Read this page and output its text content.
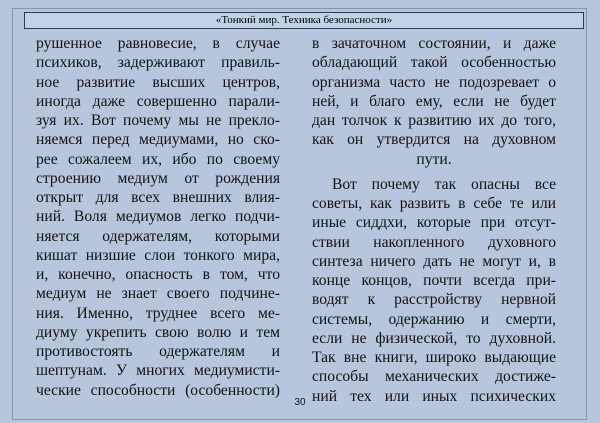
«Тонкий мир. Техника безопасности»

рушенное равновесие, в случае
психиков, задерживают правиль-
ное развитие высших центров,
иногда даже совершенно парали-
зуя их. Вот почему мы не прекло-
няемся перед медиумами, но ско-
рее сожалеем их, ибо по своему
строению медиум от рождения
открыт для всех внешних влия-
ний. Воля медиумов легко подчи-
няется одержателям, которыми
кишат низшие слои тонкого мира,
и, конечно, опасность в том, что
медиум не знает своего подчине-
ния. Именно, труднее всего ме-
диуму укрепить свою волю и тем
противостоять одержателям и
шептунам. У многих медиумисти-
ческие способности (особенности)

в зачаточном состоянии, и даже
обладающий такой особенностью
организма часто не подозревает о
ней, и благо ему, если не будет
дан толчок к развитию их до того,
как он утвердится на духовном
пути.

Вот почему так опасны все
советы, как развить в себе те или
иные сиддхи, которые при отсут-
ствии накопленного духовного
синтеза ничего дать не могут и, в
конце концов, почти всегда при-
водят к расстройству нервной
системы, одержанию и смерти,
если не физической, то духовной.
Так вне книги, широко выдающие
способы механических достиже-
ний тех или иных психических

30
